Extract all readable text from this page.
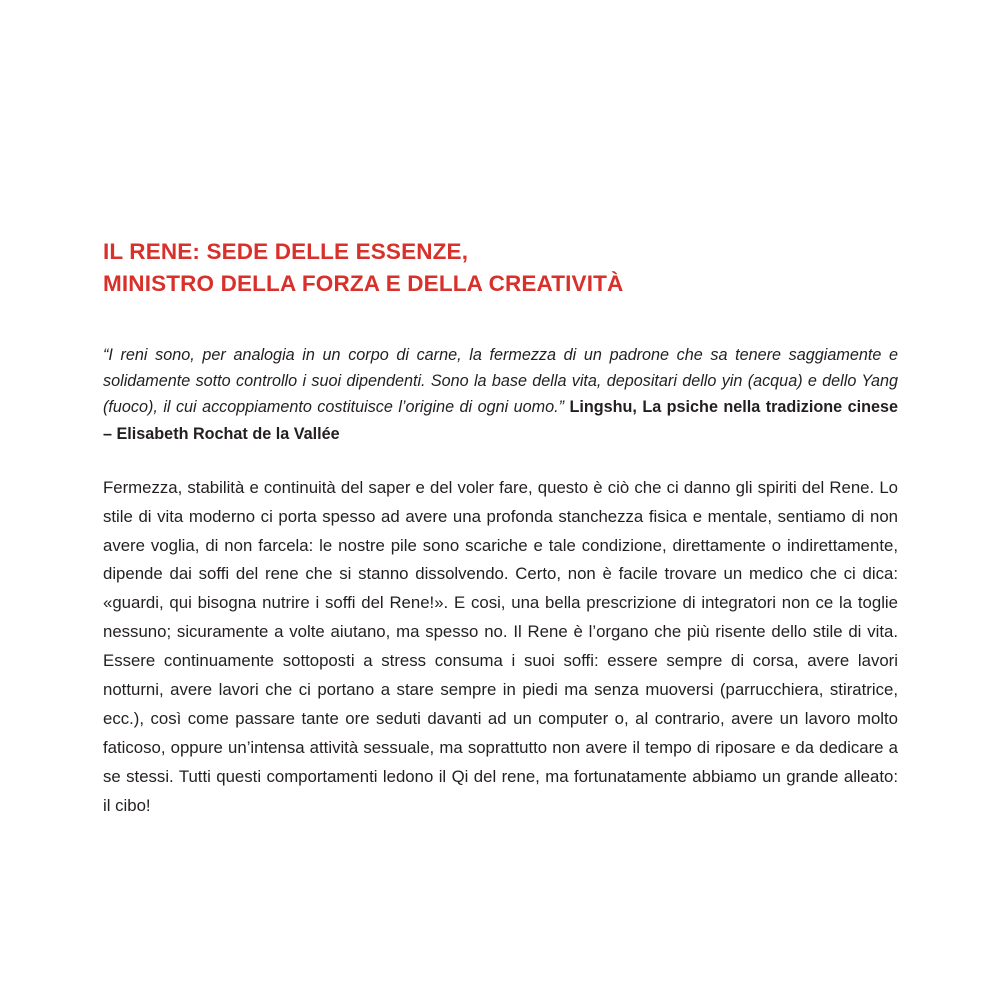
IL RENE: SEDE DELLE ESSENZE,
MINISTRO DELLA FORZA E DELLA CREATIVITÀ
“I reni sono, per analogia in un corpo di carne, la fermezza di un padrone che sa tenere saggiamente e solidamente sotto controllo i suoi dipendenti. Sono la base della vita, depositari dello yin (acqua) e dello Yang (fuoco), il cui accoppiamento costituisce l’origine di ogni uomo.” Lingshu, La psiche nella tradizione cinese – Elisabeth Rochat de la Vallée

Fermezza, stabilità e continuità del saper e del voler fare, questo è ciò che ci danno gli spiriti del Rene. Lo stile di vita moderno ci porta spesso ad avere una profonda stanchezza fisica e mentale, sentiamo di non avere voglia, di non farcela: le nostre pile sono scariche e tale condizione, direttamente o indirettamente, dipende dai soffi del rene che si stanno dissolvendo. Certo, non è facile trovare un medico che ci dica: «guardi, qui bisogna nutrire i soffi del Rene!». E cosi, una bella prescrizione di integratori non ce la toglie nessuno; sicuramente a volte aiutano, ma spesso no. Il Rene è l’organo che più risente dello stile di vita. Essere continuamente sottoposti a stress consuma i suoi soffi: essere sempre di corsa, avere lavori notturni, avere lavori che ci portano a stare sempre in piedi ma senza muoversi (parrucchiera, stiratrice, ecc.), così come passare tante ore seduti davanti ad un computer o, al contrario, avere un lavoro molto faticoso, oppure un’intensa attività sessuale, ma soprattutto non avere il tempo di riposare e da dedicare a se stessi. Tutti questi comportamenti ledono il Qi del rene, ma fortunatamente abbiamo un grande alleato: il cibo!
